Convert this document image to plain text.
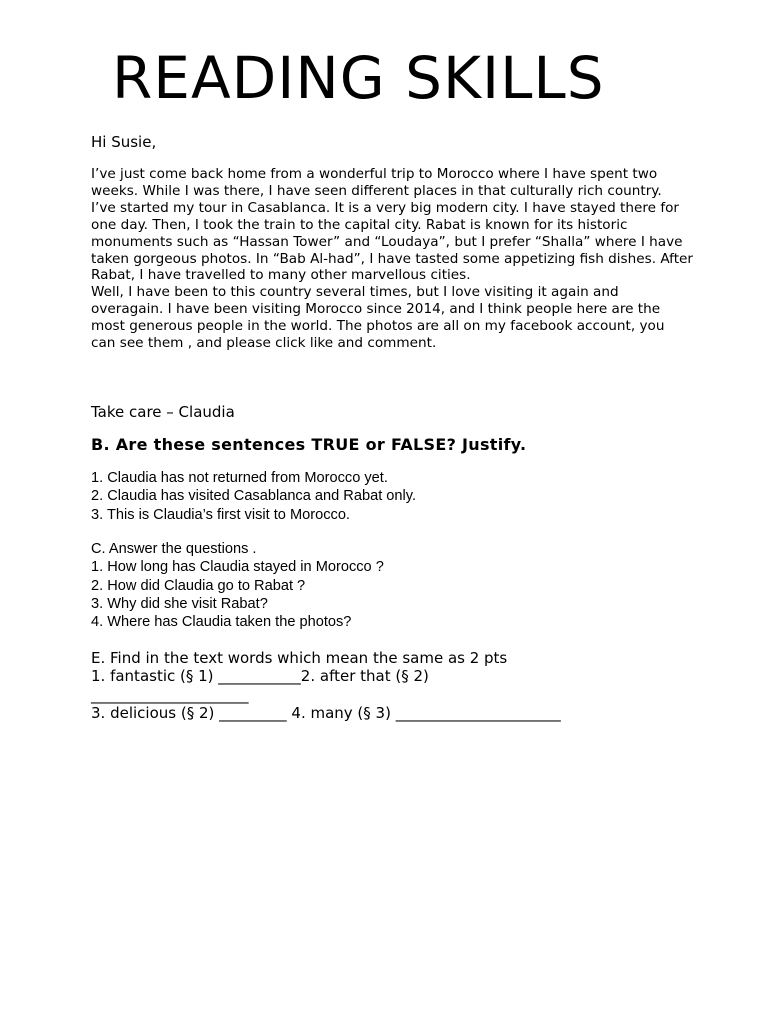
READING SKILLS
Hi Susie,

I’ve just come back home from a wonderful trip to Morocco where I have spent two weeks. While I was there, I have seen different places in that culturally rich country.

I’ve started my tour in Casablanca. It is a very big modern city. I have stayed there for one day. Then, I took the train to the capital city. Rabat is known for its historic monuments such as “Hassan Tower” and “Loudaya”, but I prefer “Shalla” where I have taken gorgeous photos. In “Bab Al-had”, I have tasted some appetizing fish dishes. After Rabat, I have travelled to many other marvellous cities.

Well, I have been to this country several times, but I love visiting it again and overagain. I have been visiting Morocco since 2014, and I think people here are the most generous people in the world. The photos are all on my facebook account, you can see them , and please click like and comment.

Take care – Claudia
B. Are these sentences TRUE or FALSE? Justify.

1. Claudia has not returned from Morocco yet.

2. Claudia has visited Casablanca and Rabat only.

3. This is Claudia’s first visit to Morocco.

C. Answer the questions .

1. How long has Claudia stayed in Morocco ?

2. How did Claudia go to Rabat ?

3. Why did she visit Rabat?

4. Where has Claudia taken the photos?

E. Find in the text words which mean the same as 2 pts

1. fantastic (§ 1) ___________2. after that (§ 2)

_____________________

3. delicious (§ 2) _________ 4. many (§ 3) ______________________
